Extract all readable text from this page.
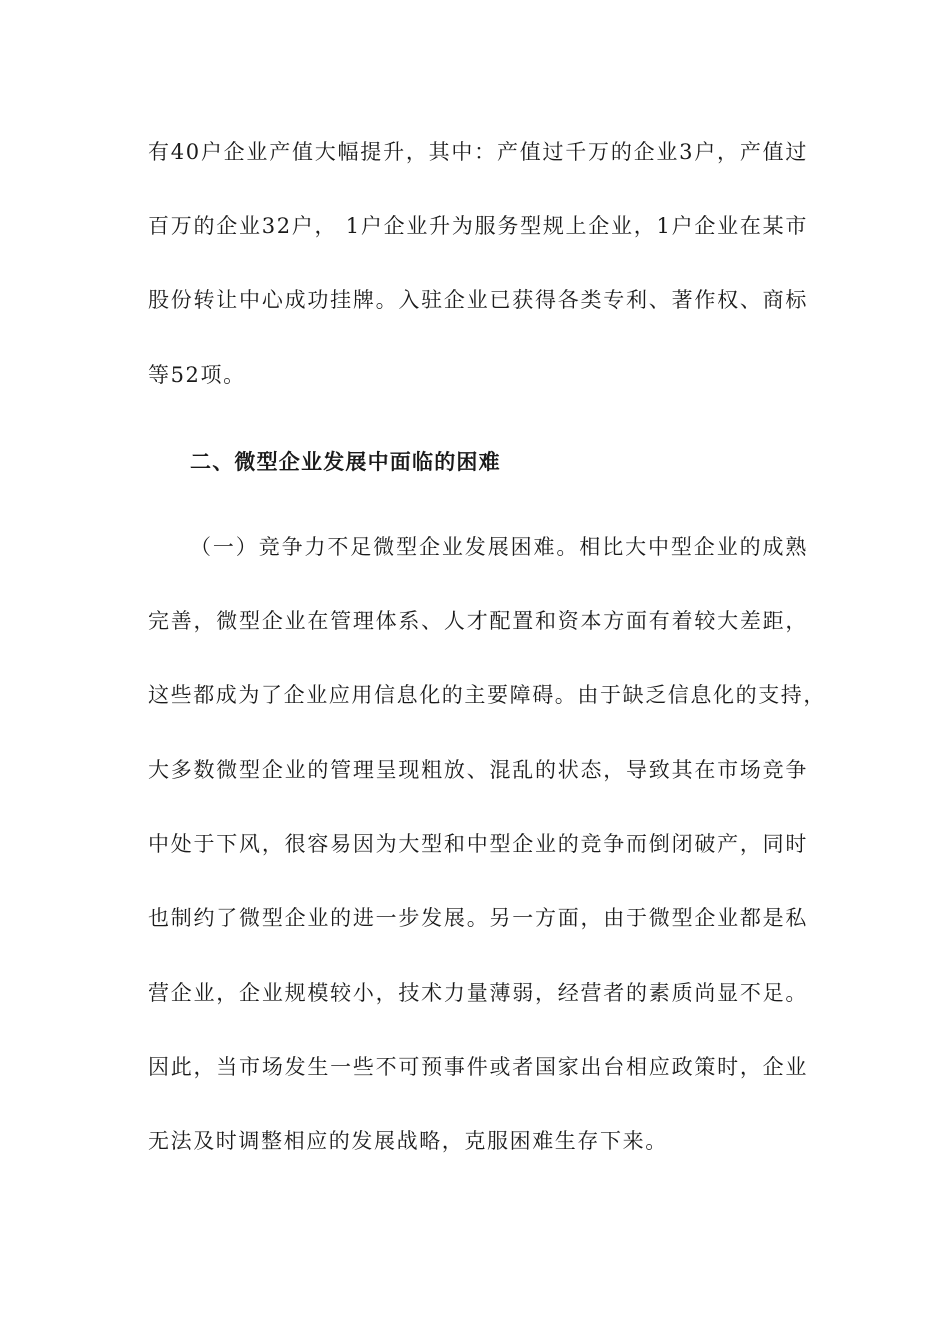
有40户企业产值大幅提升，其中：产值过千万的企业3户，产值过
百万的企业32户， 1户企业升为服务型规上企业，1户企业在某市
股份转让中心成功挂牌。入驻企业已获得各类专利、著作权、商标
等52项。
二、微型企业发展中面临的困难
（一）竞争力不足微型企业发展困难。相比大中型企业的成熟
完善，微型企业在管理体系、人才配置和资本方面有着较大差距，
这些都成为了企业应用信息化的主要障碍。由于缺乏信息化的支持，
大多数微型企业的管理呈现粗放、混乱的状态，导致其在市场竞争
中处于下风，很容易因为大型和中型企业的竞争而倒闭破产，同时
也制约了微型企业的进一步发展。另一方面，由于微型企业都是私
营企业，企业规模较小，技术力量薄弱，经营者的素质尚显不足。
因此，当市场发生一些不可预事件或者国家出台相应政策时，企业
无法及时调整相应的发展战略，克服困难生存下来。
